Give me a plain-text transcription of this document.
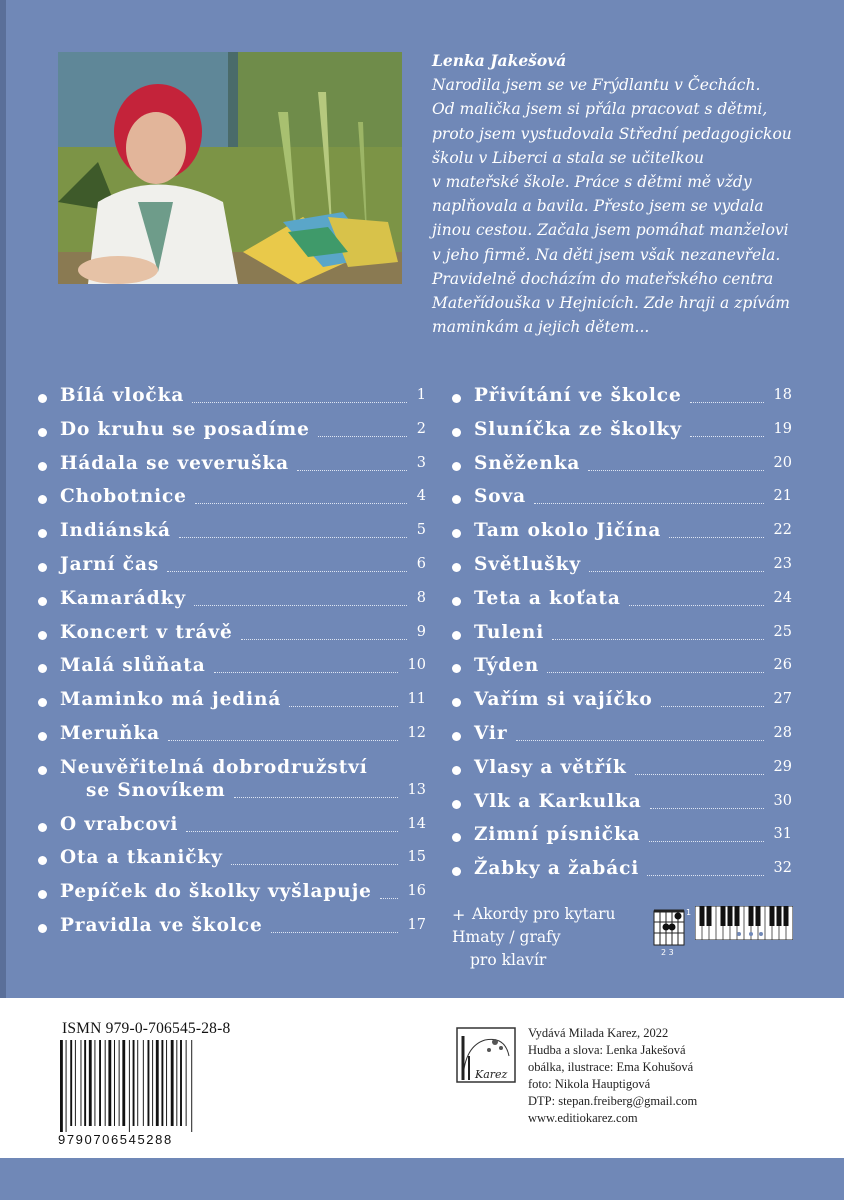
Lenka Jakešová
Narodila jsem se ve Frýdlantu v Čechách.
Od malička jsem si přála pracovat s dětmi,
proto jsem vystudovala Střední pedagogickou
školu v Liberci a stala se učitelkou
v mateřské škole. Práce s dětmi mě vždy
naplňovala a bavila. Přesto jsem se vydala
jinou cestou. Začala jsem pomáhat manželovi
v jeho firmě. Na děti jsem však nezanevřela.
Pravidelně docházím do mateřského centra
Mateřídouška v Hejnicích. Zde hraji a zpívám
maminkám a jejich dětem...
Bílá vločka	1
Do kruhu se posadíme	2
Hádala se veveruška	3
Chobotnice	4
Indiánská	5
Jarní čas	6
Kamarádky	8
Koncert v trávě	9
Malá slůňata	10
Maminko má jediná	11
Meruňka	12
Neuvěřitelná dobrodružství
se Snovíkem	13
O vrabcovi	14
Ota a tkaničky	15
Pepíček do školky vyšlapuje 16
Pravidla ve školce	17
Přivítání ve školce	18
Sluníčka ze školky	19
Sněženka	20
Sova	21
Tam okolo Jičína	22
Světlušky	23
Teta a koťata	24
Tuleni	25
Týden	26
Vařím si vajíčko	27
Vir	28
Vlasy a větřík	29
Vlk a Karkulka	30
Zimní písnička	31
Žabky a žabáci	32
+ Akordy pro kytaru
Hmaty / grafy
pro klavír
1
2 3
ISMN 979-0-706545-28-8
9790706545288
Karez
Vydává Milada Karez, 2022
Hudba a slova: Lenka Jakešová
obálka, ilustrace: Ema Kohušová
foto: Nikola Hauptigová
DTP: stepan.freiberg@gmail.com
www.editiokarez.com
